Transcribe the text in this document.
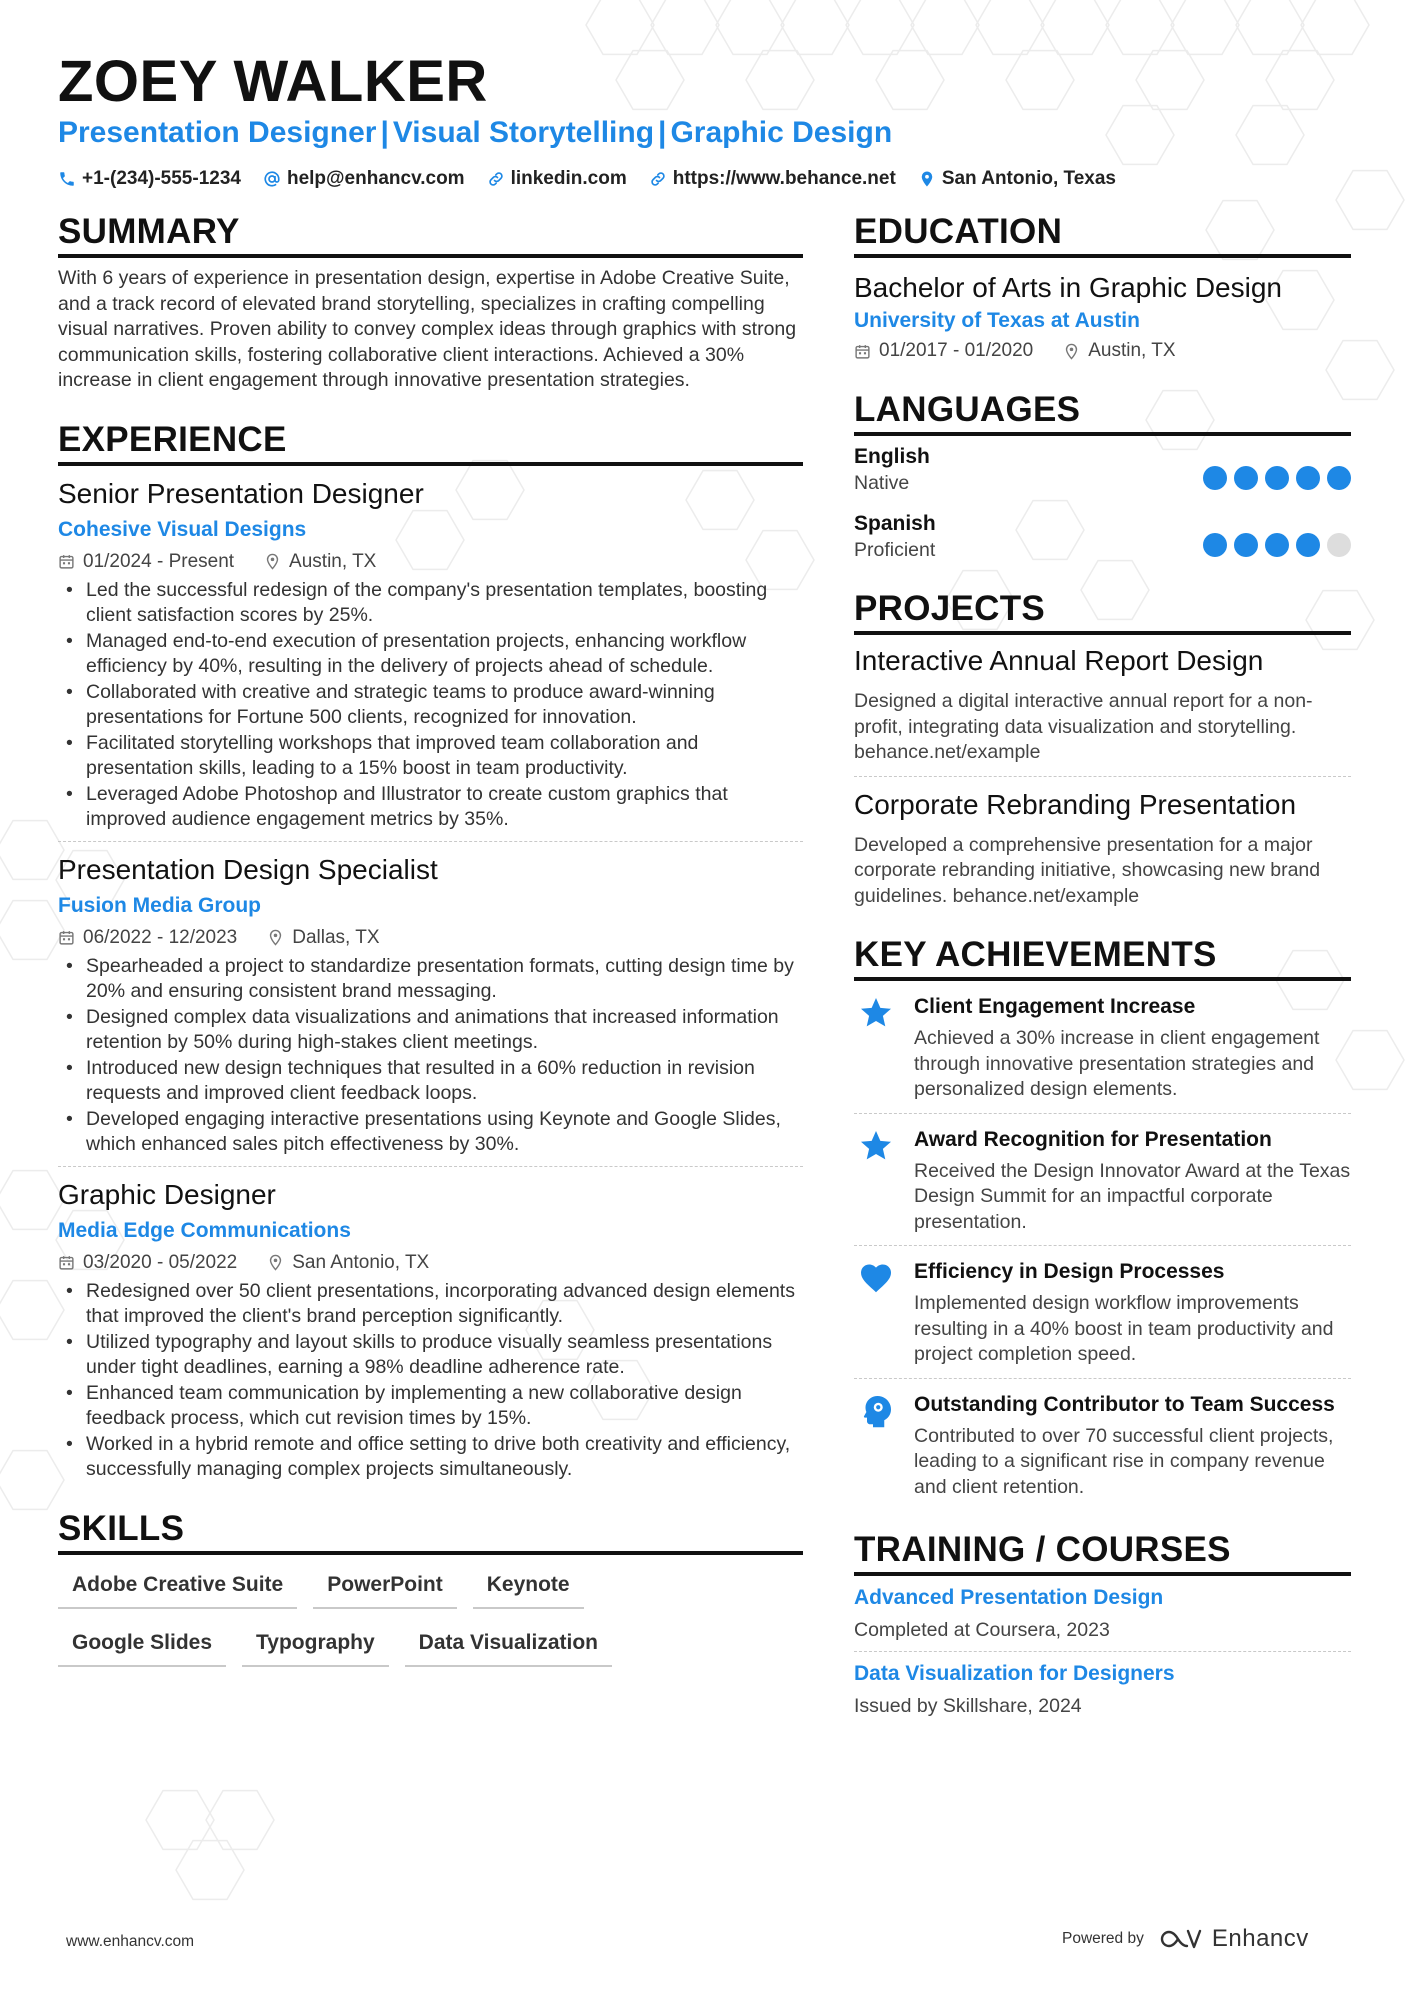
ZOEY WALKER
Presentation Designer | Visual Storytelling | Graphic Design
+1-(234)-555-1234 help@enhancv.com linkedin.com https://www.behance.net San Antonio, Texas
SUMMARY
With 6 years of experience in presentation design, expertise in Adobe Creative Suite, and a track record of elevated brand storytelling, specializes in crafting compelling visual narratives. Proven ability to convey complex ideas through graphics with strong communication skills, fostering collaborative client interactions. Achieved a 30% increase in client engagement through innovative presentation strategies.
EXPERIENCE
Senior Presentation Designer
Cohesive Visual Designs
01/2024 - Present	Austin, TX
• Led the successful redesign of the company's presentation templates, boosting client satisfaction scores by 25%.
• Managed end-to-end execution of presentation projects, enhancing workflow efficiency by 40%, resulting in the delivery of projects ahead of schedule.
• Collaborated with creative and strategic teams to produce award-winning presentations for Fortune 500 clients, recognized for innovation.
• Facilitated storytelling workshops that improved team collaboration and presentation skills, leading to a 15% boost in team productivity.
• Leveraged Adobe Photoshop and Illustrator to create custom graphics that improved audience engagement metrics by 35%.
Presentation Design Specialist
Fusion Media Group
06/2022 - 12/2023	Dallas, TX
• Spearheaded a project to standardize presentation formats, cutting design time by 20% and ensuring consistent brand messaging.
• Designed complex data visualizations and animations that increased information retention by 50% during high-stakes client meetings.
• Introduced new design techniques that resulted in a 60% reduction in revision requests and improved client feedback loops.
• Developed engaging interactive presentations using Keynote and Google Slides, which enhanced sales pitch effectiveness by 30%.
Graphic Designer
Media Edge Communications
03/2020 - 05/2022	San Antonio, TX
• Redesigned over 50 client presentations, incorporating advanced design elements that improved the client's brand perception significantly.
• Utilized typography and layout skills to produce visually seamless presentations under tight deadlines, earning a 98% deadline adherence rate.
• Enhanced team communication by implementing a new collaborative design feedback process, which cut revision times by 15%.
• Worked in a hybrid remote and office setting to drive both creativity and efficiency, successfully managing complex projects simultaneously.
SKILLS
Adobe Creative Suite	PowerPoint	Keynote
Google Slides	Typography	Data Visualization
EDUCATION
Bachelor of Arts in Graphic Design
University of Texas at Austin
01/2017 - 01/2020	Austin, TX
LANGUAGES
English
Native
Spanish
Proficient
PROJECTS
Interactive Annual Report Design
Designed a digital interactive annual report for a non-profit, integrating data visualization and storytelling. behance.net/example
Corporate Rebranding Presentation
Developed a comprehensive presentation for a major corporate rebranding initiative, showcasing new brand guidelines. behance.net/example
KEY ACHIEVEMENTS
Client Engagement Increase
Achieved a 30% increase in client engagement through innovative presentation strategies and personalized design elements.
Award Recognition for Presentation
Received the Design Innovator Award at the Texas Design Summit for an impactful corporate presentation.
Efficiency in Design Processes
Implemented design workflow improvements resulting in a 40% boost in team productivity and project completion speed.
Outstanding Contributor to Team Success
Contributed to over 70 successful client projects, leading to a significant rise in company revenue and client retention.
TRAINING / COURSES
Advanced Presentation Design
Completed at Coursera, 2023
Data Visualization for Designers
Issued by Skillshare, 2024
www.enhancv.com	Powered by	Enhancv
